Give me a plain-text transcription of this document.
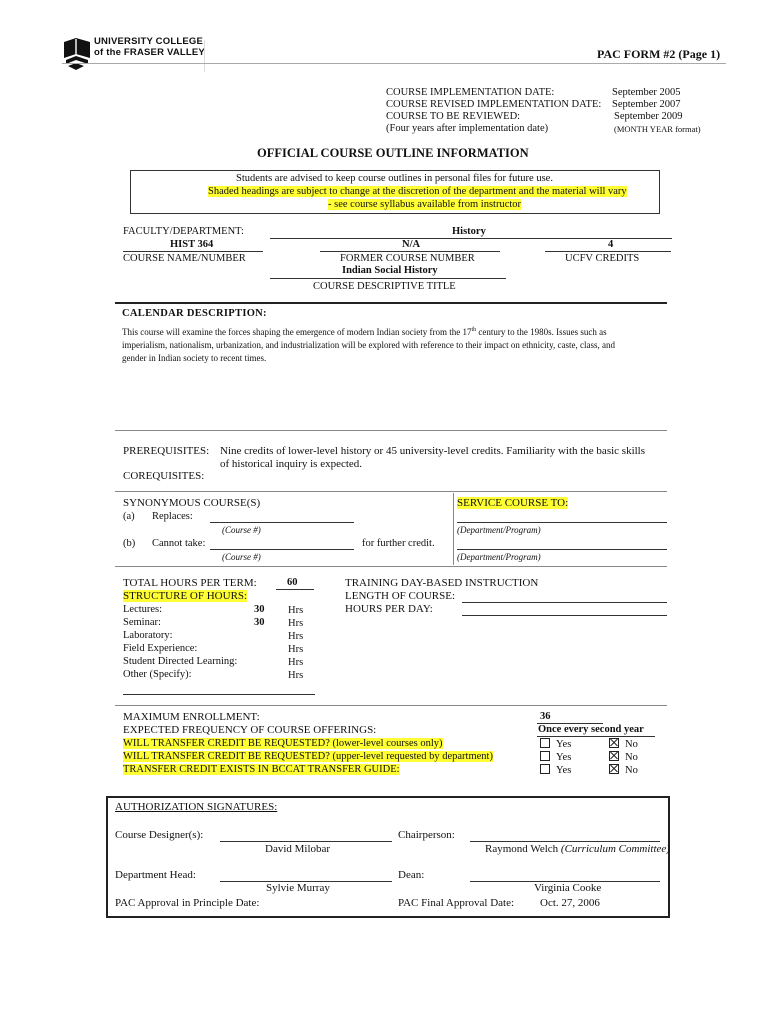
UNIVERSITY COLLEGE
of the FRASER VALLEY	PAC FORM #2 (Page 1)
COURSE IMPLEMENTATION DATE:	September 2005
COURSE REVISED IMPLEMENTATION DATE: September 2007
COURSE TO BE REVIEWED:	September 2009
(Four years after implementation date)	(MONTH YEAR format)
OFFICIAL COURSE OUTLINE INFORMATION
Students are advised to keep course outlines in personal files for future use.
Shaded headings are subject to change at the discretion of the department and the material will vary
- see course syllabus available from instructor
FACULTY/DEPARTMENT:	History
HIST 364	N/A	4
COURSE NAME/NUMBER	FORMER COURSE NUMBER	UCFV CREDITS
Indian Social History
COURSE DESCRIPTIVE TITLE
CALENDAR DESCRIPTION:
This course will examine the forces shaping the emergence of modern Indian society from the 17th century to the 1980s. Issues such as
imperialism, nationalism, urbanization, and industrialization will be explored with reference to their impact on ethnicity, caste, class, and
gender in Indian society to recent times.
PREREQUISITES: Nine credits of lower-level history or 45 university-level credits. Familiarity with the basic skills
of historical inquiry is expected.
COREQUISITES:
SYNONYMOUS COURSE(S)
(a) Replaces:
(Course #)
(b) Cannot take:
(Course #)
for further credit.
SERVICE COURSE TO:
(Department/Program)
(Department/Program)
TOTAL HOURS PER TERM:	60
STRUCTURE OF HOURS:
Lectures:	30 Hrs
Seminar:	30 Hrs
Laboratory:	Hrs
Field Experience:	Hrs
Student Directed Learning:	Hrs
Other (Specify):	Hrs
TRAINING DAY-BASED INSTRUCTION
LENGTH OF COURSE:
HOURS PER DAY:
MAXIMUM ENROLLMENT:	36
EXPECTED FREQUENCY OF COURSE OFFERINGS:	Once every second year
WILL TRANSFER CREDIT BE REQUESTED? (lower-level courses only)
WILL TRANSFER CREDIT BE REQUESTED? (upper-level requested by department)
TRANSFER CREDIT EXISTS IN BCCAT TRANSFER GUIDE:
Yes	No
Yes	No
Yes	No
AUTHORIZATION SIGNATURES:
Course Designer(s):
David Milobar
Chairperson:
Raymond Welch (Curriculum Committee)
Department Head:
Sylvie Murray
Dean:
Virginia Cooke
PAC Approval in Principle Date:	PAC Final Approval Date: Oct. 27, 2006
